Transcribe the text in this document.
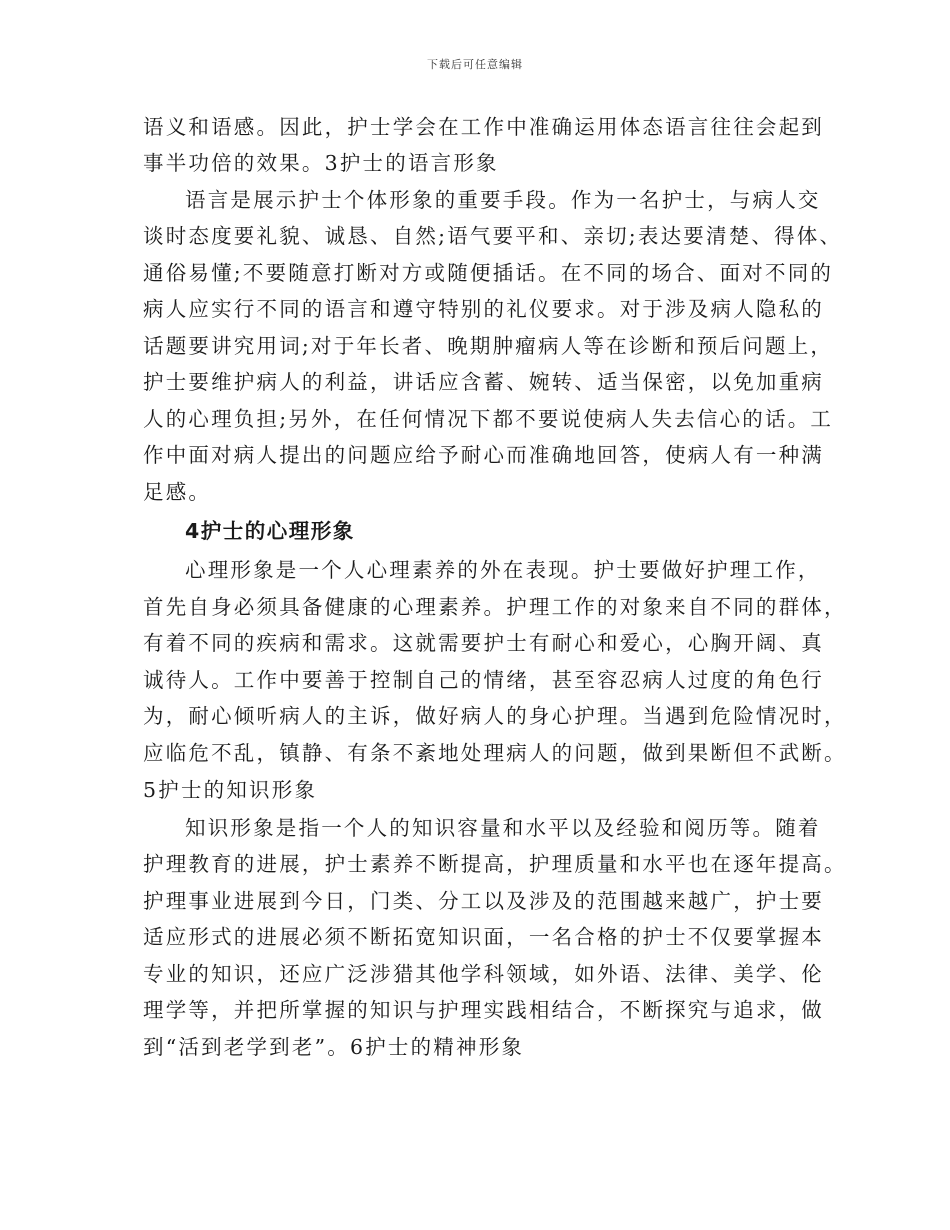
下载后可任意编辑
语义和语感。因此，护士学会在工作中准确运用体态语言往往会起到
事半功倍的效果。3护士的语言形象
语言是展示护士个体形象的重要手段。作为一名护士，与病人交
谈时态度要礼貌、诚恳、自然;语气要平和、亲切;表达要清楚、得体、
通俗易懂;不要随意打断对方或随便插话。在不同的场合、面对不同的
病人应实行不同的语言和遵守特别的礼仪要求。对于涉及病人隐私的
话题要讲究用词;对于年长者、晚期肿瘤病人等在诊断和预后问题上，
护士要维护病人的利益，讲话应含蓄、婉转、适当保密，以免加重病
人的心理负担;另外，在任何情况下都不要说使病人失去信心的话。工
作中面对病人提出的问题应给予耐心而准确地回答，使病人有一种满
足感。
4护士的心理形象
心理形象是一个人心理素养的外在表现。护士要做好护理工作，
首先自身必须具备健康的心理素养。护理工作的对象来自不同的群体，
有着不同的疾病和需求。这就需要护士有耐心和爱心，心胸开阔、真
诚待人。工作中要善于控制自己的情绪，甚至容忍病人过度的角色行
为，耐心倾听病人的主诉，做好病人的身心护理。当遇到危险情况时，
应临危不乱，镇静、有条不紊地处理病人的问题，做到果断但不武断。
5护士的知识形象
知识形象是指一个人的知识容量和水平以及经验和阅历等。随着
护理教育的进展，护士素养不断提高，护理质量和水平也在逐年提高。
护理事业进展到今日，门类、分工以及涉及的范围越来越广，护士要
适应形式的进展必须不断拓宽知识面，一名合格的护士不仅要掌握本
专业的知识，还应广泛涉猎其他学科领域，如外语、法律、美学、伦
理学等，并把所掌握的知识与护理实践相结合，不断探究与追求，做
到“活到老学到老”。6护士的精神形象
